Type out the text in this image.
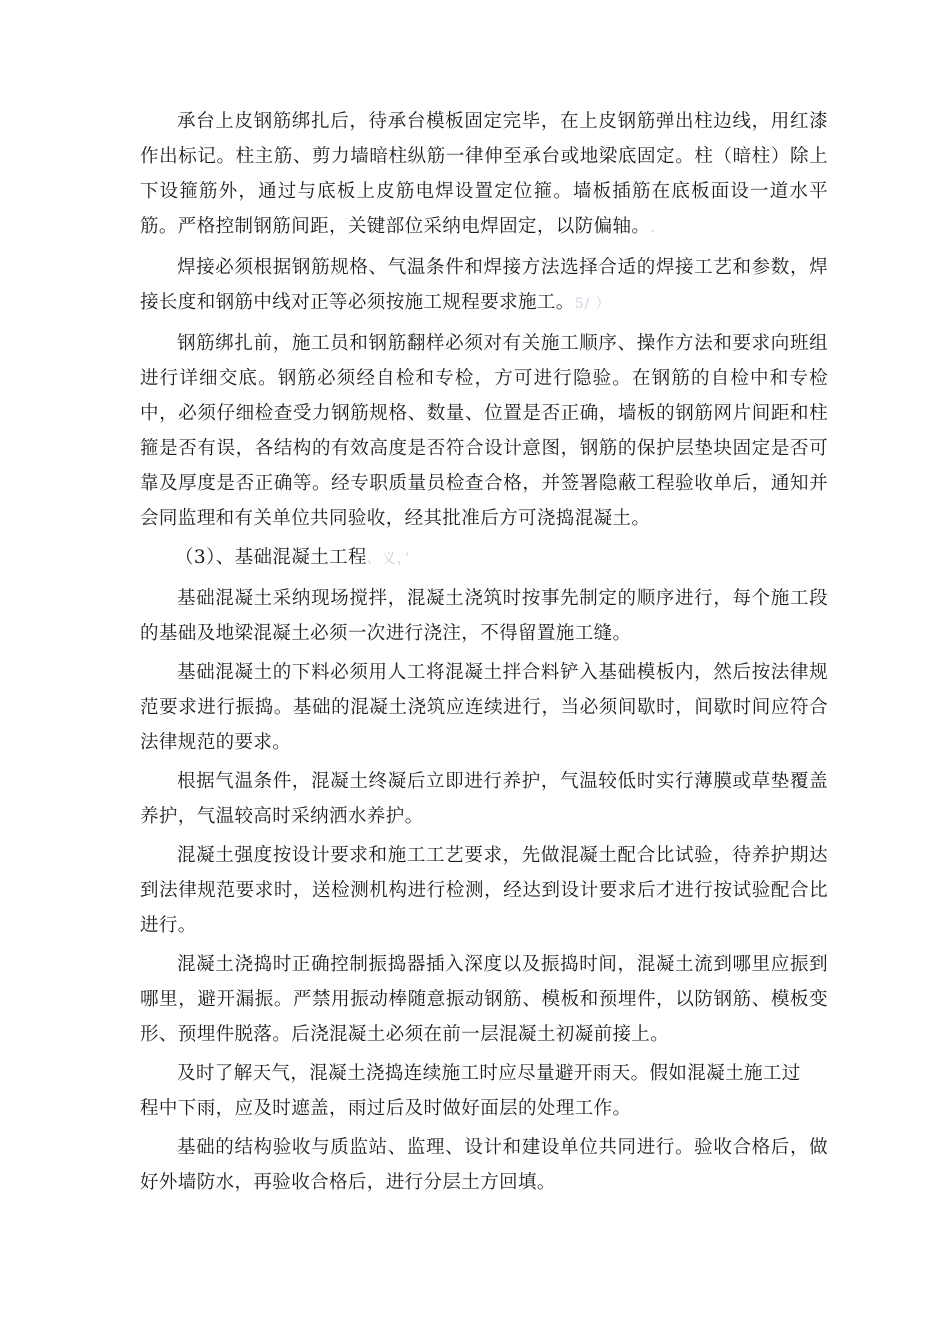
承台上皮钢筋绑扎后，待承台模板固定完毕，在上皮钢筋弹出柱边线，用红漆作出标记。柱主筋、剪力墙暗柱纵筋一律伸至承台或地梁底固定。柱（暗柱）除上下设箍筋外，通过与底板上皮筋电焊设置定位箍。墙板插筋在底板面设一道水平筋。严格控制钢筋间距，关键部位采纳电焊固定，以防偏轴。.

焊接必须根据钢筋规格、气温条件和焊接方法选择合适的焊接工艺和参数，焊接长度和钢筋中线对正等必须按施工规程要求施工。5/ ）

钢筋绑扎前，施工员和钢筋翻样必须对有关施工顺序、操作方法和要求向班组进行详细交底。钢筋必须经自检和专检，方可进行隐验。在钢筋的自检中和专检中，必须仔细检查受力钢筋规格、数量、位置是否正确，墙板的钢筋网片间距和柱箍是否有误，各结构的有效高度是否符合设计意图，钢筋的保护层垫块固定是否可靠及厚度是否正确等。经专职质量员检查合格，并签署隐蔽工程验收单后，通知并会同监理和有关单位共同验收，经其批准后方可浇捣混凝土。

（3）、基础混凝土工程、义，’

基础混凝土采纳现场搅拌，混凝土浇筑时按事先制定的顺序进行，每个施工段的基础及地梁混凝土必须一次进行浇注，不得留置施工缝。

基础混凝土的下料必须用人工将混凝土拌合料铲入基础模板内，然后按法律规范要求进行振捣。基础的混凝土浇筑应连续进行，当必须间歇时，间歇时间应符合法律规范的要求。

根据气温条件，混凝土终凝后立即进行养护，气温较低时实行薄膜或草垫覆盖养护，气温较高时采纳洒水养护。

混凝土强度按设计要求和施工工艺要求，先做混凝土配合比试验，待养护期达到法律规范要求时，送检测机构进行检测，经达到设计要求后才进行按试验配合比进行。

混凝土浇捣时正确控制振捣器插入深度以及振捣时间，混凝土流到哪里应振到哪里，避开漏振。严禁用振动棒随意振动钢筋、模板和预埋件，以防钢筋、模板变形、预埋件脱落。后浇混凝土必须在前一层混凝土初凝前接上。

及时了解天气，混凝土浇捣连续施工时应尽量避开雨天。假如混凝土施工过

程中下雨，应及时遮盖，雨过后及时做好面层的处理工作。

基础的结构验收与质监站、监理、设计和建设单位共同进行。验收合格后，做好外墙防水，再验收合格后，进行分层土方回填。
